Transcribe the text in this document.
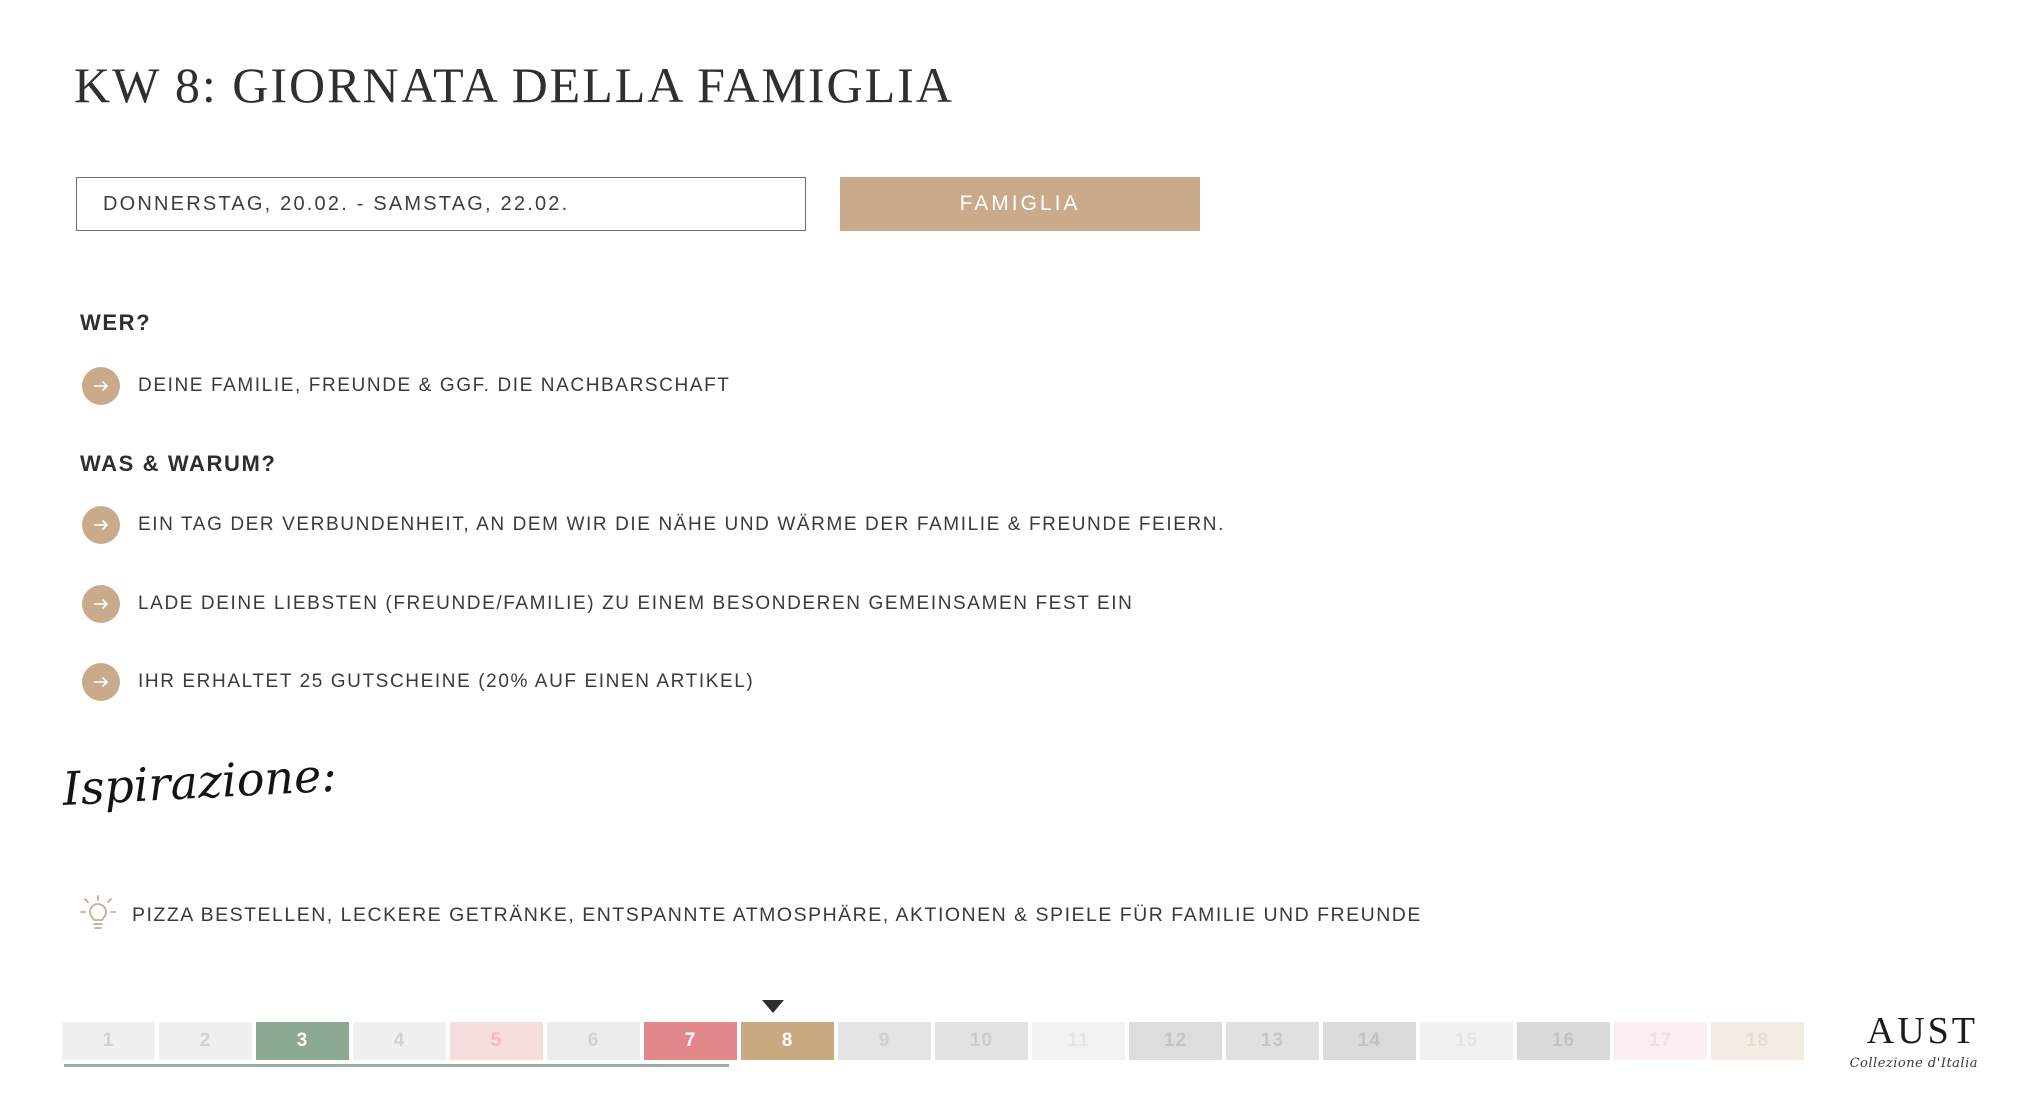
KW 8: GIORNATA DELLA FAMIGLIA
DONNERSTAG, 20.02. - SAMSTAG, 22.02.	FAMIGLIA
WER?
DEINE FAMILIE, FREUNDE & GGF. DIE NACHBARSCHAFT
WAS & WARUM?
EIN TAG DER VERBUNDENHEIT, AN DEM WIR DIE NÄHE UND WÄRME DER FAMILIE & FREUNDE FEIERN.
LADE DEINE LIEBSTEN (FREUNDE/FAMILIE) ZU EINEM BESONDEREN GEMEINSAMEN FEST EIN
IHR ERHALTET 25 GUTSCHEINE (20% AUF EINEN ARTIKEL)
Ispirazione:
PIZZA BESTELLEN, LECKERE GETRÄNKE, ENTSPANNTE ATMOSPHÄRE, AKTIONEN & SPIELE FÜR FAMILIE UND FREUNDE
1	2	3	4	5	6	7	8	9	10	11	12	13	14	15	16	17	18	AUST
Collezione d'Italia
